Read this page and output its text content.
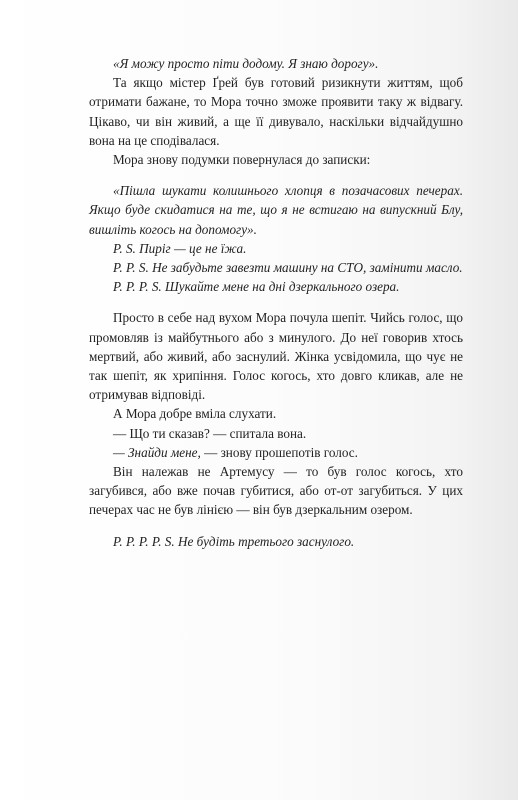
«Я можу просто піти додому. Я знаю дорогу».

Та якщо містер Ґрей був готовий ризикнути життям, щоб отримати бажане, то Мора точно зможе проявити таку ж відвагу. Цікаво, чи він живий, а ще її дивувало, наскільки відчайдушно вона на це сподівалася.

Мора знову подумки повернулася до записки:

«Пішла шукати колишнього хлопця в позачасових печерах. Якщо буде скидатися на те, що я не встигаю на випускний Блу, вишліть когось на допомогу».

P. S. Пиріг — це не їжа.

P. P. S. Не забудьте завезти машину на СТО, замінити масло.

P. P. P. S. Шукайте мене на дні дзеркального озера.

Просто в себе над вухом Мора почула шепіт. Чийсь голос, що промовляв із майбутнього або з минулого. До неї говорив хтось мертвий, або живий, або заснулий. Жінка усвідомила, що чує не так шепіт, як хрипіння. Голос когось, хто довго кликав, але не отримував відповіді.

А Мора добре вміла слухати.

— Що ти сказав? — спитала вона.

— Знайди мене, — знову прошепотів голос.

Він належав не Артемусу — то був голос когось, хто загубився, або вже почав губитися, або от-от загубиться. У цих печерах час не був лінією — він був дзеркальним озером.

P. P. P. P. S. Не будіть третього заснулого.
